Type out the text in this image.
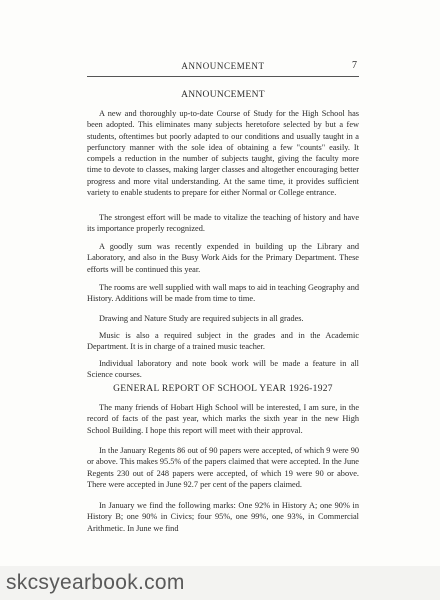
ANNOUNCEMENT	7
ANNOUNCEMENT

A new and thoroughly up-to-date Course of Study for the High School has been adopted. This eliminates many subjects heretofore selected by but a few students, oftentimes but poorly adapted to our conditions and usually taught in a perfunctory manner with the sole idea of obtaining a few "counts" easily. It compels a reduction in the number of subjects taught, giving the faculty more time to devote to classes, making larger classes and altogether encouraging better progress and more vital understanding. At the same time, it provides sufficient variety to enable students to prepare for either Normal or College entrance.

The strongest effort will be made to vitalize the teaching of history and have its importance properly recognized.

A goodly sum was recently expended in building up the Library and Laboratory, and also in the Busy Work Aids for the Primary Department. These efforts will be continued this year.

The rooms are well supplied with wall maps to aid in teaching Geography and History. Additions will be made from time to time.

Drawing and Nature Study are required subjects in all grades.

Music is also a required subject in the grades and in the Academic Department. It is in charge of a trained music teacher.

Individual laboratory and note book work will be made a feature in all Science courses.

GENERAL REPORT OF SCHOOL YEAR 1926-1927

The many friends of Hobart High School will be interested, I am sure, in the record of facts of the past year, which marks the sixth year in the new High School Building. I hope this report will meet with their approval.

In the January Regents 86 out of 90 papers were accepted, of which 9 were 90 or above. This makes 95.5% of the papers claimed that were accepted. In the June Regents 230 out of 248 papers were accepted, of which 19 were 90 or above. There were accepted in June 92.7 per cent of the papers claimed.

In January we find the following marks: One 92% in History A; one 90% in History B; one 90% in Civics; four 95%, one 99%, one 93%, in Commercial Arithmetic. In June we find

skcsyearbook.com
